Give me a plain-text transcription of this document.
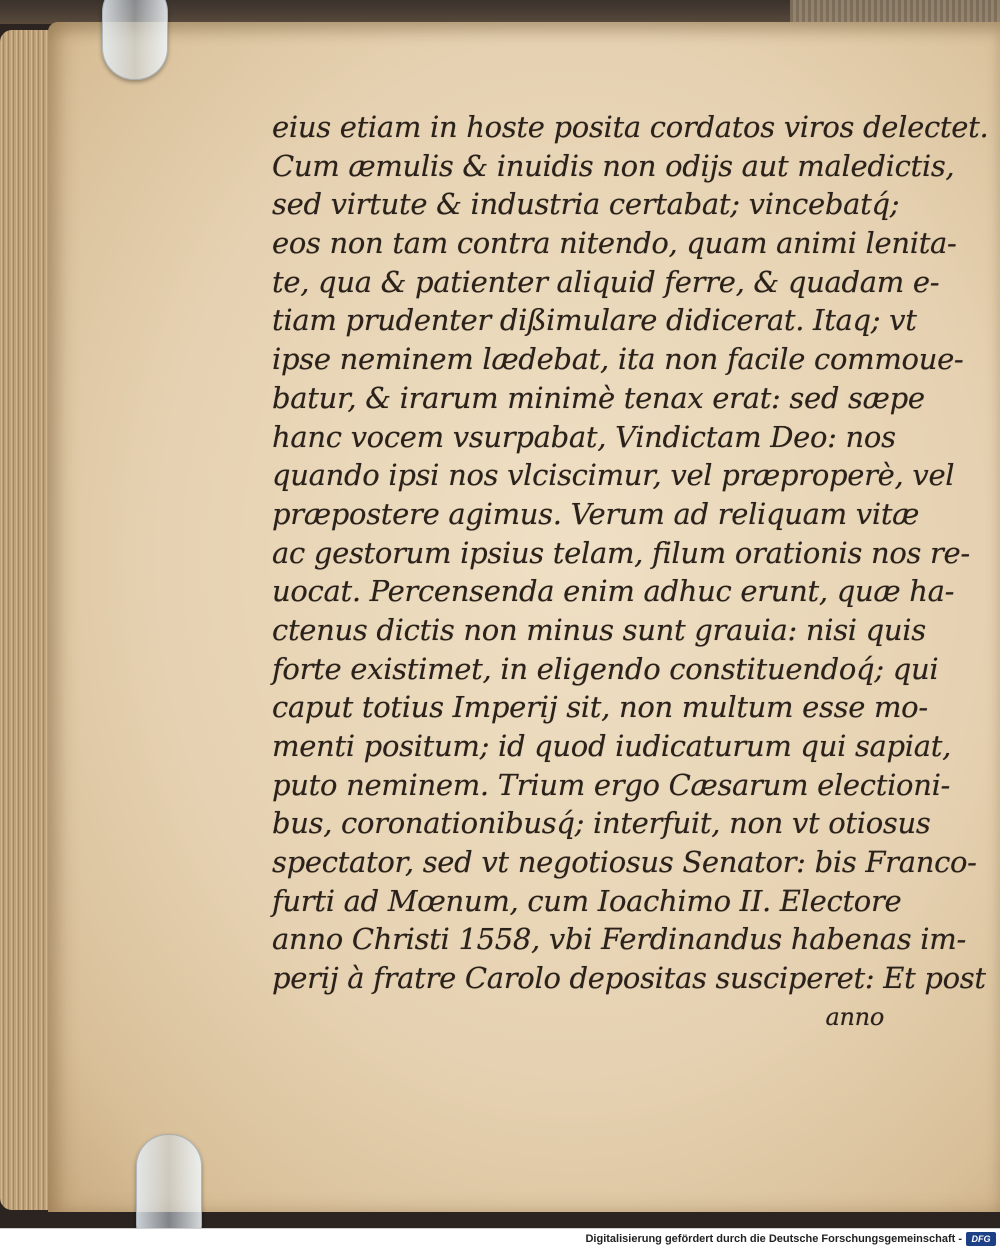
eius etiam in hoste posita cordatos viros delectet.
Cum æmulis & inuidis non odijs aut maledictis,
sed virtute & industria certabat; vincebatq́;
eos non tam contra nitendo, quam animi lenita-
te, qua & patienter aliquid ferre, & quadam e-
tiam prudenter dißimulare didicerat. Itaq; vt
ipse neminem lædebat, ita non facile commoue-
batur, & irarum minimè tenax erat: sed sæpe
hanc vocem vsurpabat, Vindictam Deo: nos
quando ipsi nos vlciscimur, vel præproperè, vel
præpostere agimus. Verum ad reliquam vitæ
ac gestorum ipsius telam, filum orationis nos re-
uocat. Percensenda enim adhuc erunt, quæ ha-
ctenus dictis non minus sunt grauia: nisi quis
forte existimet, in eligendo constituendoq́; qui
caput totius Imperij sit, non multum esse mo-
menti positum; id quod iudicaturum qui sapiat,
puto neminem. Trium ergo Cæsarum electioni-
bus, coronationibusq́; interfuit, non vt otiosus
spectator, sed vt negotiosus Senator: bis Franco-
furti ad Mœnum, cum Ioachimo II. Electore
anno Christi 1558, vbi Ferdinandus habenas im-
perij à fratre Carolo depositas susciperet: Et post
anno
Digitalisierung gefördert durch die Deutsche Forschungsgemeinschaft -	DFG
